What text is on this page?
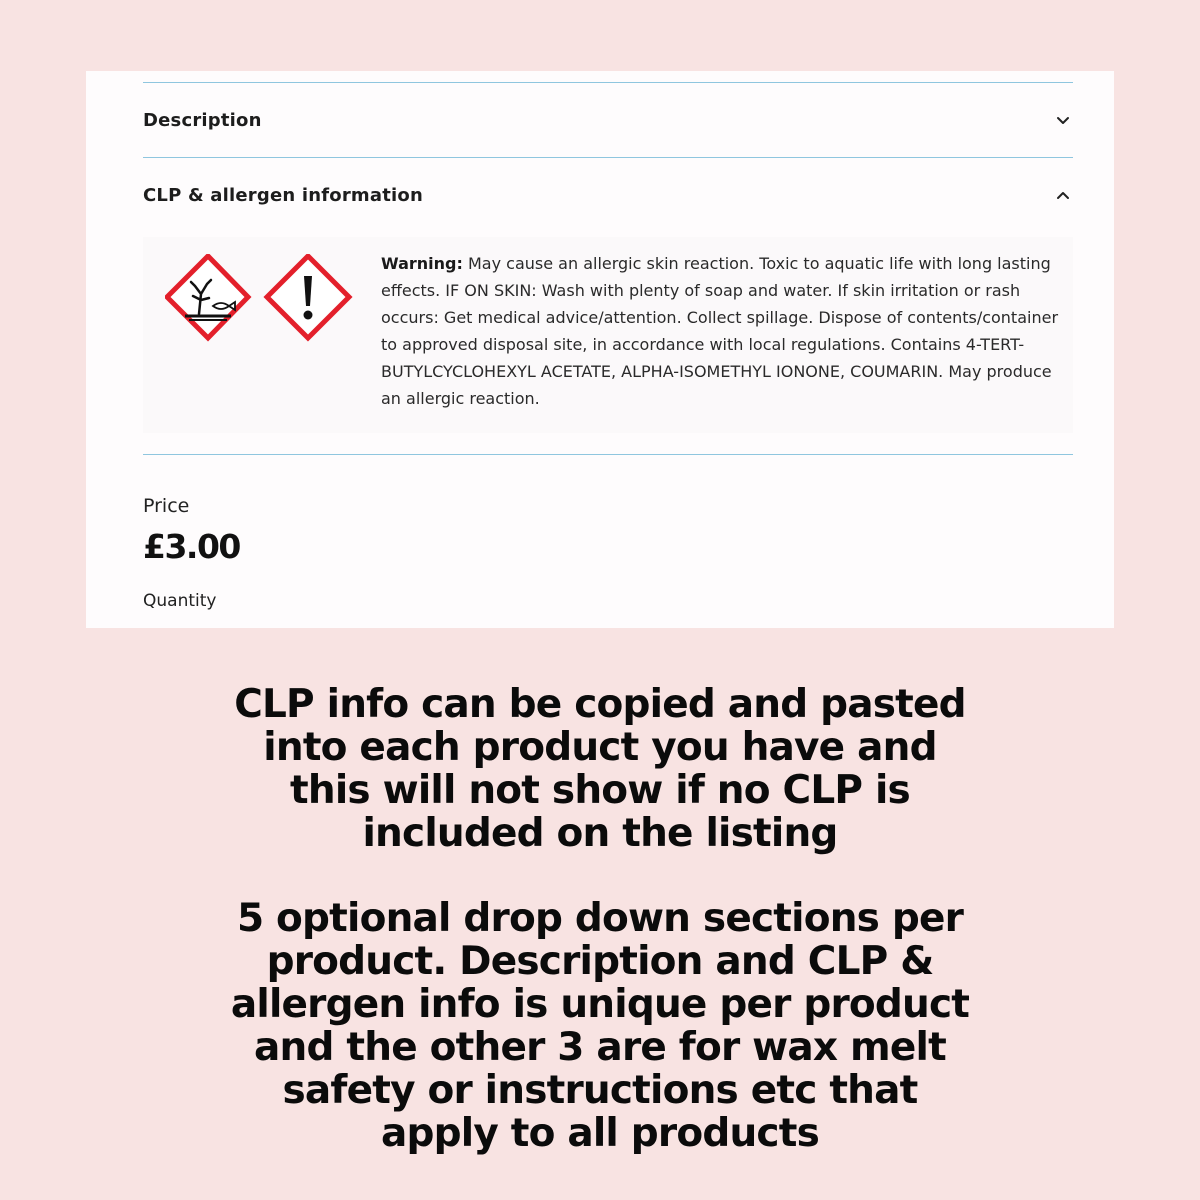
Description
CLP & allergen information
Warning: May cause an allergic skin reaction. Toxic to aquatic life with long lasting effects. IF ON SKIN: Wash with plenty of soap and water. If skin irritation or rash occurs: Get medical advice/attention. Collect spillage. Dispose of contents/container to approved disposal site, in accordance with local regulations. Contains 4-TERT-BUTYLCYCLOHEXYL ACETATE, ALPHA-ISOMETHYL IONONE, COUMARIN. May produce an allergic reaction.
Price
£3.00
Quantity
CLP info can be copied and pasted
into each product you have and
this will not show if no CLP is
included on the listing
5 optional drop down sections per
product. Description and CLP &
allergen info is unique per product
and the other 3 are for wax melt
safety or instructions etc that
apply to all products
